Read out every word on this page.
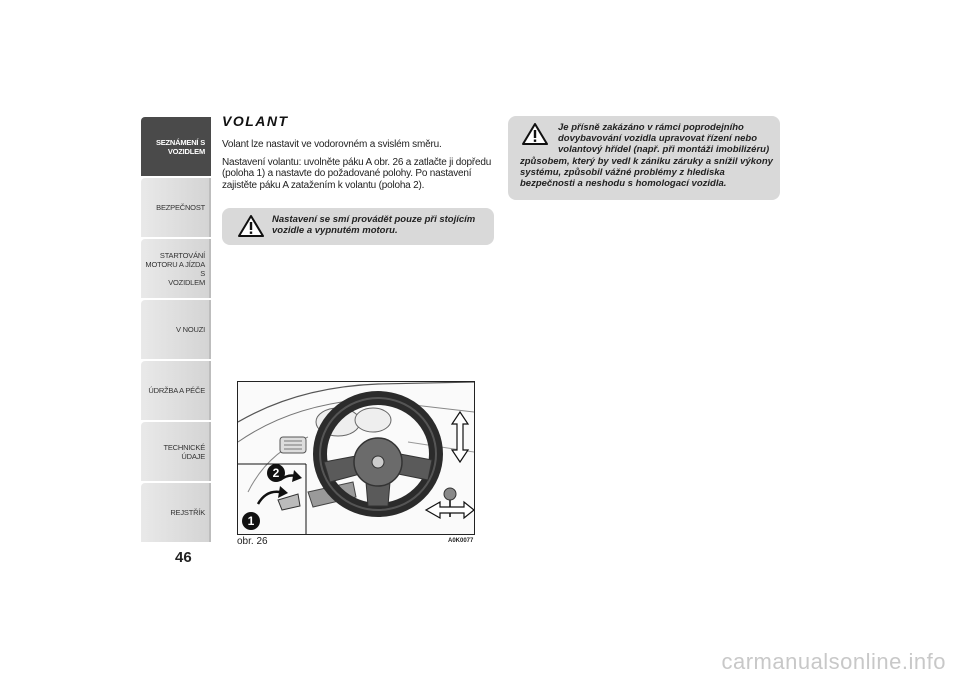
SEZNÁMENÍ S
VOZIDLEM
BEZPEČNOST
STARTOVÁNÍ
MOTORU A JÍZDA S
VOZIDLEM
V NOUZI
ÚDRŽBA A PÉČE
TECHNICKÉ ÚDAJE
REJSTŘÍK
46
VOLANT

Volant lze nastavit ve vodorovném a svislém směru.

Nastavení volantu: uvolněte páku A obr. 26 a zatlačte ji dopředu (poloha 1) a nastavte do požadované polohy. Po nastavení zajistěte páku A zatažením k volantu (poloha 2).

Nastavení se smí provádět pouze při stojícím vozidle a vypnutém motoru.
Je přísně zakázáno v rámci poprodejního dovybavování vozidla upravovat řízení nebo volantový hřídel (např. při montáži imobilizéru)
způsobem, který by vedl k zániku záruky a snížil výkony systému, způsobil vážné problémy z hlediska bezpečnosti a neshodu s homologací vozidla.
2
1
obr. 26	A0K0077
carmanualsonline.info
